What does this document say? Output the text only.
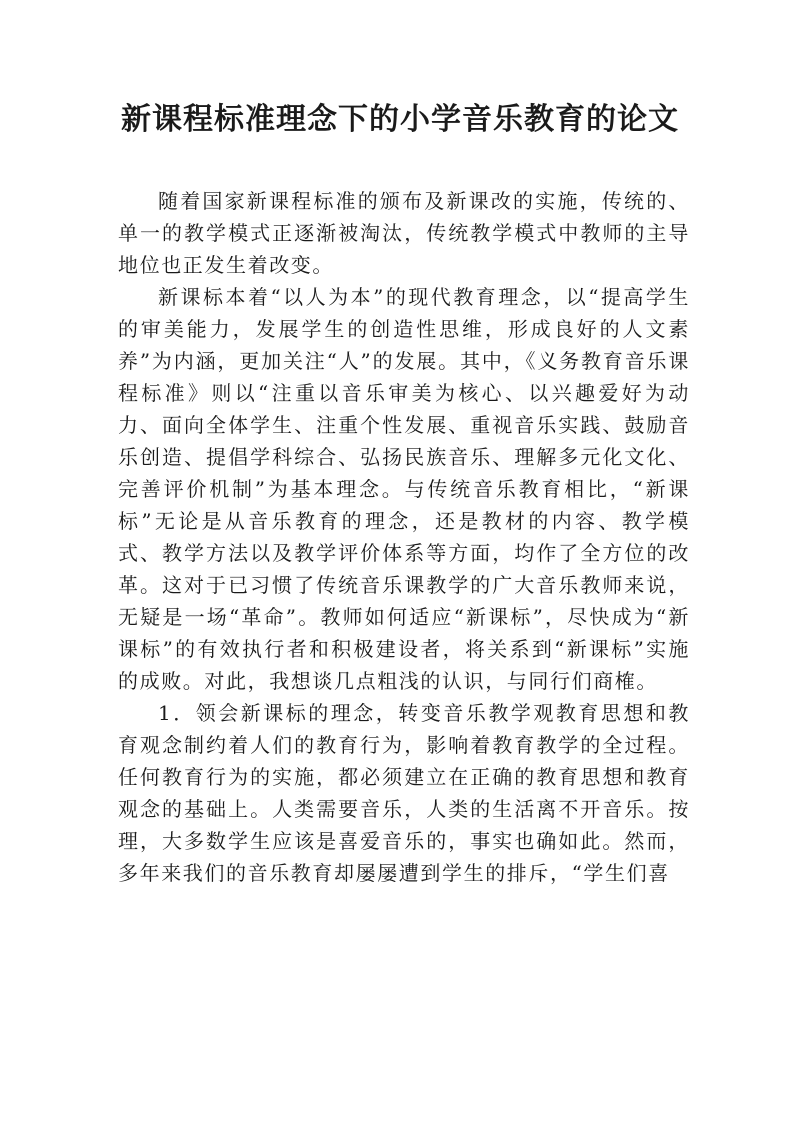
新课程标准理念下的小学音乐教育的论文

随着国家新课程标准的颁布及新课改的实施，传统的、单一的教学模式正逐渐被淘汰，传统教学模式中教师的主导地位也正发生着改变。

新课标本着“以人为本”的现代教育理念，以“提高学生的审美能力，发展学生的创造性思维，形成良好的人文素养”为内涵，更加关注“人”的发展。其中，《义务教育音乐课程标准》则以“注重以音乐审美为核心、以兴趣爱好为动力、面向全体学生、注重个性发展、重视音乐实践、鼓励音乐创造、提倡学科综合、弘扬民族音乐、理解多元化文化、完善评价机制”为基本理念。与传统音乐教育相比，“新课标”无论是从音乐教育的理念，还是教材的内容、教学模式、教学方法以及教学评价体系等方面，均作了全方位的改革。这对于已习惯了传统音乐课教学的广大音乐教师来说，无疑是一场“革命”。教师如何适应“新课标”，尽快成为“新课标”的有效执行者和积极建设者，将关系到“新课标”实施的成败。对此，我想谈几点粗浅的认识，与同行们商榷。

1．领会新课标的理念，转变音乐教学观教育思想和教育观念制约着人们的教育行为，影响着教育教学的全过程。任何教育行为的实施，都必须建立在正确的教育思想和教育观念的基础上。人类需要音乐，人类的生活离不开音乐。按理，大多数学生应该是喜爱音乐的，事实也确如此。然而，多年来我们的音乐教育却屡屡遭到学生的排斥，“学生们喜
